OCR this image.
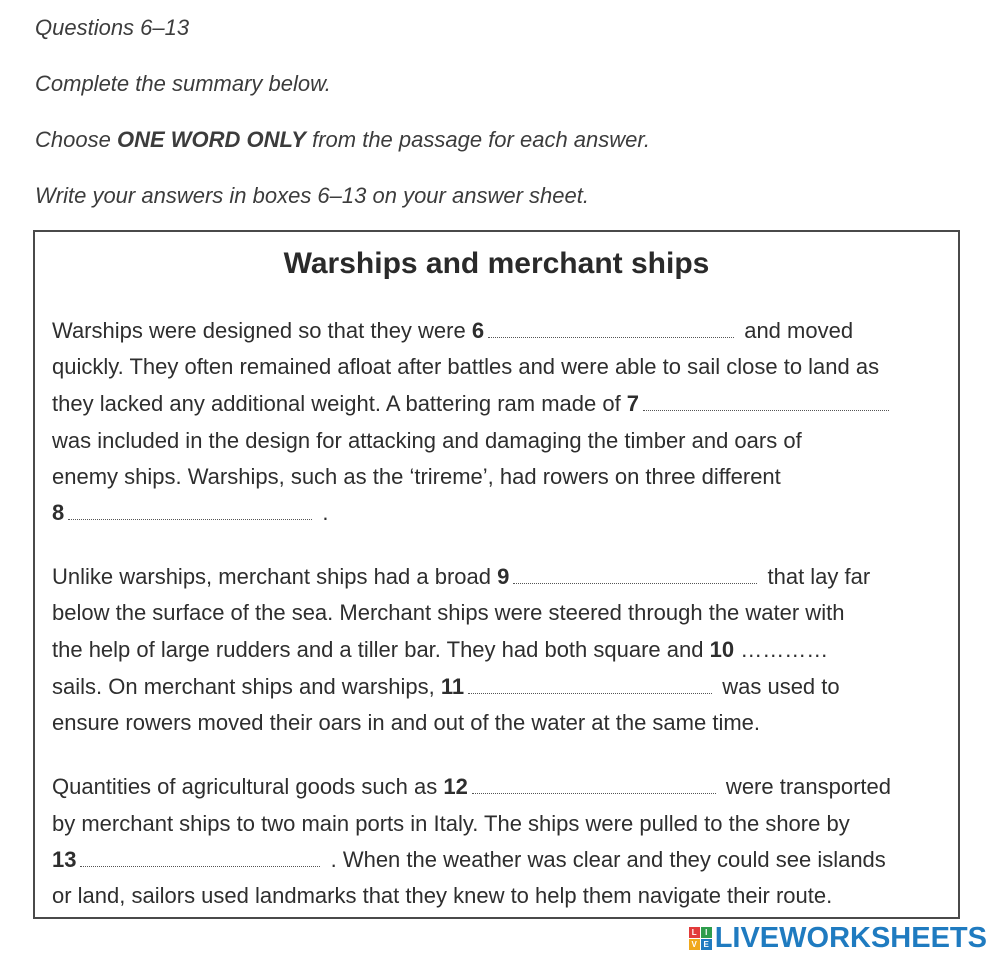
Questions 6–13

Complete the summary below.

Choose ONE WORD ONLY from the passage for each answer.

Write your answers in boxes 6–13 on your answer sheet.

Warships and merchant ships
Warships were designed so that they were 6	and moved
quickly. They often remained afloat after battles and were able to sail close to land as
they lacked any additional weight. A battering ram made of 7
was included in the design for attacking and damaging the timber and oars of
enemy ships. Warships, such as the ‘trireme’, had rowers on three different
8	.
Unlike warships, merchant ships had a broad 9	that lay far
below the surface of the sea. Merchant ships were steered through the water with
the help of large rudders and a tiller bar. They had both square and 10 …………
sails. On merchant ships and warships, 11	was used to
ensure rowers moved their oars in and out of the water at the same time.
Quantities of agricultural goods such as 12	were transported
by merchant ships to two main ports in Italy. The ships were pulled to the shore by
13	. When the weather was clear and they could see islands
or land, sailors used landmarks that they knew to help them navigate their route.
L	I
V E LIVEWORKSHEETS
